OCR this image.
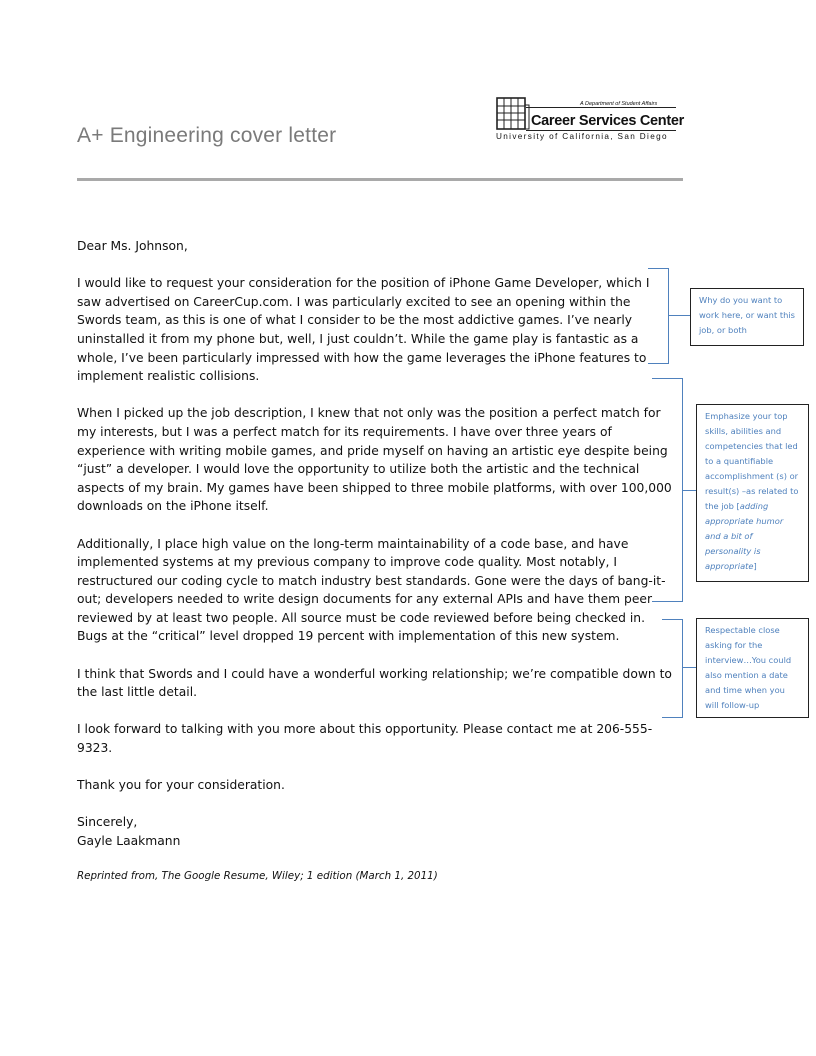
A+ Engineering cover letter
A Department of Student Affairs
Career Services Center
University of California, San Diego

Dear Ms. Johnson,

I would like to request your consideration for the position of iPhone Game Developer, which I saw advertised on CareerCup.com. I was particularly excited to see an opening within the Swords team, as this is one of what I consider to be the most addictive games. I’ve nearly uninstalled it from my phone but, well, I just couldn’t. While the game play is fantastic as a whole, I’ve been particularly impressed with how the game leverages the iPhone features to implement realistic collisions.

When I picked up the job description, I knew that not only was the position a perfect match for my interests, but I was a perfect match for its requirements. I have over three years of experience with writing mobile games, and pride myself on having an artistic eye despite being “just” a developer. I would love the opportunity to utilize both the artistic and the technical aspects of my brain. My games have been shipped to three mobile platforms, with over 100,000 downloads on the iPhone itself.

Additionally, I place high value on the long-term maintainability of a code base, and have implemented systems at my previous company to improve code quality. Most notably, I restructured our coding cycle to match industry best standards. Gone were the days of bang-it-out; developers needed to write design documents for any external APIs and have them peer reviewed by at least two people. All source must be code reviewed before being checked in. Bugs at the “critical” level dropped 19 percent with implementation of this new system.

I think that Swords and I could have a wonderful working relationship; we’re compatible down to the last little detail.

I look forward to talking with you more about this opportunity. Please contact me at 206-555-9323.

Thank you for your consideration.

Sincerely,
Gayle Laakmann

Reprinted from, The Google Resume, Wiley; 1 edition (March 1, 2011)

Why do you want to work here, or want this job, or both
Emphasize your top skills, abilities and competencies that led to a quantifiable accomplishment (s) or result(s) –as related to the job [adding appropriate humor and a bit of personality is appropriate]
Respectable close asking for the interview…You could also mention a date and time when you will follow-up
